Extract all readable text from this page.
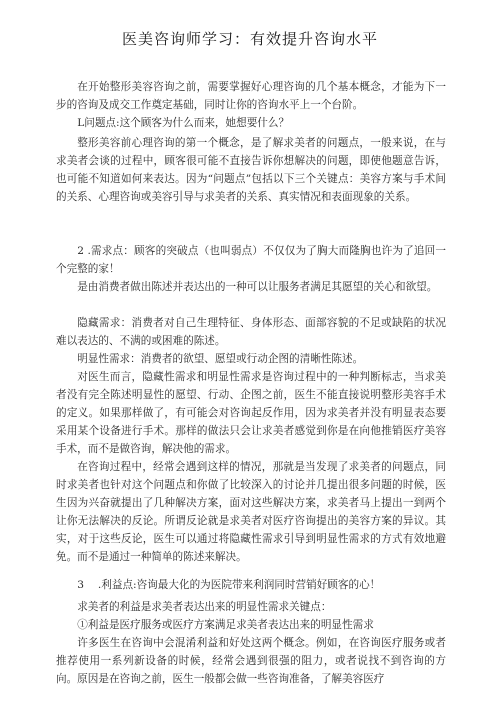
医美咨询师学习：有效提升咨询水平

在开始整形美容咨询之前，需要掌握好心理咨询的几个基本概念，才能为下一步的咨询及成交工作奠定基础，同时让你的咨询水平上一个台阶。

L问题点:这个顾客为什么而来，她想要什么？

整形美容前心理咨询的第一个概念，是了解求美者的问题点，一般来说，在与求美者会谈的过程中，顾客很可能不直接告诉你想解决的问题，即使他题意告诉，也可能不知道如何来表达。因为“问题点”包括以下三个关键点：美容方案与手术间的关系、心理咨询或美容引导与求美者的关系、真实情况和表面现象的关系。

2 .需求点：顾客的突破点（也叫弱点）不仅仅为了胸大而隆胸也许为了追回一个完整的家！

是由消费者做出陈述并表达出的一种可以让服务者满足其愿望的关心和欲望。

隐藏需求：消费者对自己生理特征、身体形态、面部容貌的不足或缺陷的状况难以表达的、不满的或困难的陈述。

明显性需求：消费者的欲望、愿望或行动企图的清晰性陈述。

对医生而言，隐藏性需求和明显性需求是咨询过程中的一种判断标志，当求美者没有完全陈述明显性的愿望、行动、企图之前，医生不能直接说明整形美容手术的定义。如果那样做了，有可能会对咨询起反作用，因为求美者并没有明显表态要采用某个设备进行手术。那样的做法只会让求美者感觉到你是在向他推销医疗美容手术，而不是做咨询，解决他的需求。

在咨询过程中，经常会遇到这样的情况，那就是当发现了求美者的问题点，同时求美者也针对这个问题点和你做了比较深入的讨论并几提出很多问题的时候，医生因为兴奋就提出了几种解决方案，面对这些解决方案，求美者马上提出一到两个让你无法解决的反论。所谓反论就是求美者对医疗咨询提出的美容方案的异议。其实，对于这些反论，医生可以通过将隐藏性需求引导到明显性需求的方式有效地避免。而不是通过一种简单的陈述来解决。

3　 .利益点:咨询最大化的为医院带来利润同时营销好顾客的心！

求美者的利益是求美者表达出来的明显性需求关键点：

①利益是医疗服务或医疗方案满足求美者表达出来的明显性需求

许多医生在咨询中会混淆利益和好处这两个概念。例如，在咨询医疗服务或者推荐使用一系列新设备的时候，经常会遇到很强的阻力，或者说找不到咨询的方向。原因是在咨询之前，医生一般都会做一些咨询准备，了解美容医疗
